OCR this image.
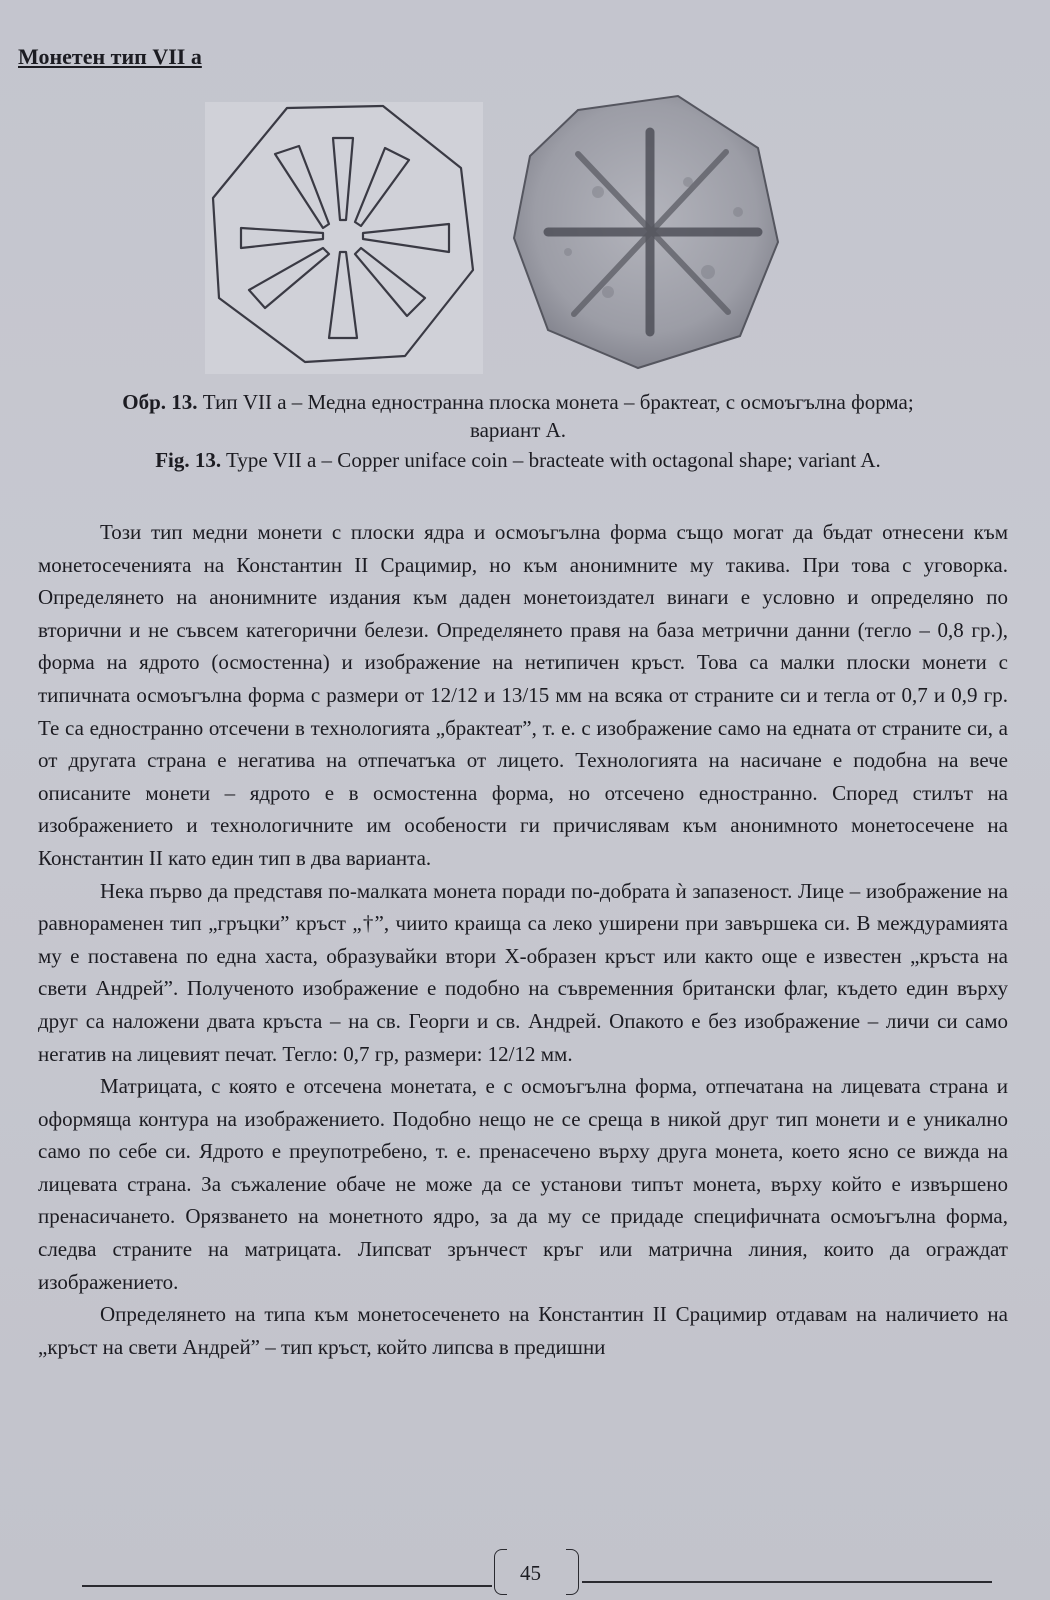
Монетен тип VII a

Обр. 13. Тип VII a – Медна едностранна плоска монета – брактеат, с осмоъгълна форма;

вариант A.

Fig. 13. Type VII a – Copper uniface coin – bracteate with octagonal shape; variant A.

Този тип медни монети с плоски ядра и осмоъгълна форма също могат да бъдат отнесени към монетосеченията на Константин II Срацимир, но към анонимните му такива. При това с уговорка. Определянето на анонимните издания към даден монетоиздател винаги е условно и определяно по вторични и не съвсем категорични белези. Определянето правя на база метрични данни (тегло – 0,8 гр.), форма на ядрото (осмостенна) и изображение на нетипичен кръст. Това са малки плоски монети с типичната осмоъгълна форма с размери от 12/12 и 13/15 мм на всяка от страните си и тегла от 0,7 и 0,9 гр. Те са едностранно отсечени в технологията „брактеат”, т. е. с изображение само на едната от страните си, а от другата страна е негатива на отпечатъка от лицето. Технологията на насичане е подобна на вече описаните монети – ядрото е в осмостенна форма, но отсечено едностранно. Според стилът на изображението и технологичните им особености ги причислявам към анонимното монетосечене на Константин II като един тип в два варианта.

Нека първо да представя по-малката монета поради по-добрата ѝ запазеност. Лице – изображение на равнораменен тип „гръцки” кръст „†”, чиито краища са леко уширени при завършека си. В междурамията му е поставена по една хаста, образувайки втори X-образен кръст или както още е известен „кръста на свети Андрей”. Полученото изображение е подобно на съвременния британски флаг, където един върху друг са наложени двата кръста – на св. Георги и св. Андрей. Опакото е без изображение – личи си само негатив на лицевият печат. Тегло: 0,7 гр, размери: 12/12 мм.

Матрицата, с която е отсечена монетата, е с осмоъгълна форма, отпечатана на лицевата страна и оформяща контура на изображението. Подобно нещо не се среща в никой друг тип монети и е уникално само по себе си. Ядрото е преупотребено, т. е. пренасечено върху друга монета, което ясно се вижда на лицевата страна. За съжаление обаче не може да се установи типът монета, върху който е извършено пренасичането. Орязването на монетното ядро, за да му се придаде специфичната осмоъгълна форма, следва страните на матрицата. Липсват зрънчест кръг или матрична линия, които да ограждат изображението.

Определянето на типа към монетосеченето на Константин II Срацимир отдавам на наличието на „кръст на свети Андрей” – тип кръст, който липсва в предишни

45
